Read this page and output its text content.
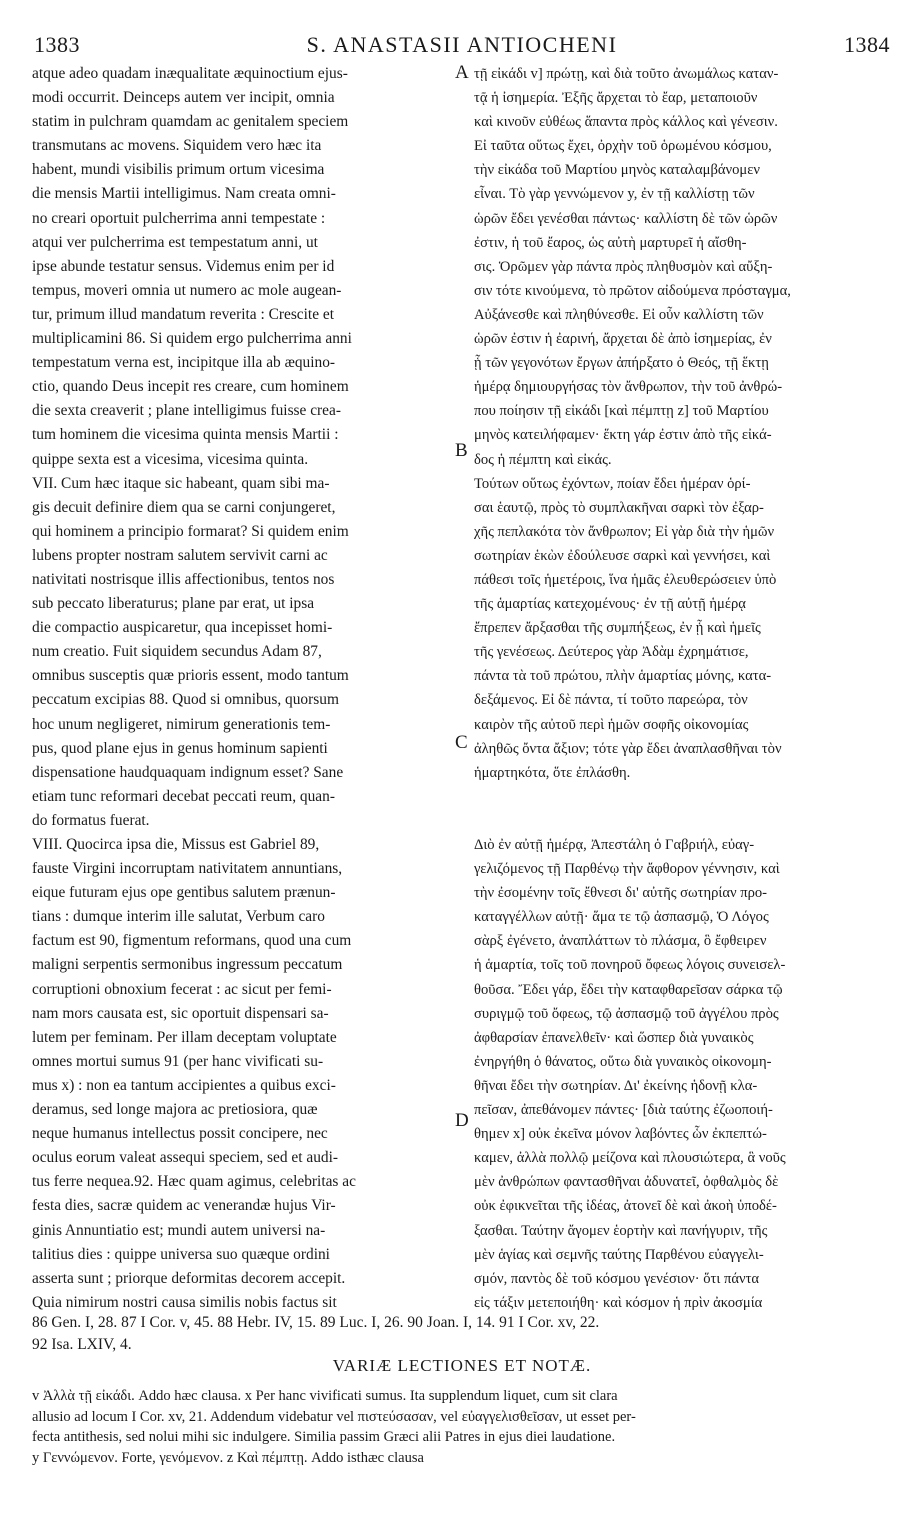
1383	S. ANASTASII ANTIOCHENI	1384
atque adeo quadam inæqualitate æquinoctium ejus-
modi occurrit. Deinceps autem ver incipit, omnia
statim in pulchram quamdam ac genitalem speciem
transmutans ac movens. Siquidem vero hæc ita
habent, mundi visibilis primum ortum vicesima
die mensis Martii intelligimus. Nam creata omni-
no creari oportuit pulcherrima anni tempestate :
atqui ver pulcherrima est tempestatum anni, ut
ipse abunde testatur sensus. Videmus enim per id
tempus, moveri omnia ut numero ac mole augean-
tur, primum illud mandatum reverita : Crescite et
multiplicamini 86. Si quidem ergo pulcherrima anni
tempestatum verna est, incipitque illa ab æquino-
ctio, quando Deus incepit res creare, cum hominem
die sexta creaverit ; plane intelligimus fuisse crea-
tum hominem die vicesima quinta mensis Martii :
quippe sexta est a vicesima, vicesima quinta.
VII. Cum hæc itaque sic habeant, quam sibi ma-
gis decuit definire diem qua se carni conjungeret,
qui hominem a principio formarat? Si quidem enim
lubens propter nostram salutem servivit carni ac
nativitati nostrisque illis affectionibus, tentos nos
sub peccato liberaturus; plane par erat, ut ipsa
die compactio auspicaretur, qua incepisset homi-
num creatio. Fuit siquidem secundus Adam 87,
omnibus susceptis quæ prioris essent, modo tantum
peccatum excipias 88. Quod si omnibus, quorsum
hoc unum negligeret, nimirum generationis tem-
pus, quod plane ejus in genus hominum sapienti
dispensatione haudquaquam indignum esset? Sane
etiam tunc reformari decebat peccati reum, quan-
do formatus fuerat.
VIII. Quocirca ipsa die, Missus est Gabriel 89,
fauste Virgini incorruptam nativitatem annuntians,
eique futuram ejus ope gentibus salutem prænun-
tians : dumque interim ille salutat, Verbum caro
factum est 90, figmentum reformans, quod una cum
maligni serpentis sermonibus ingressum peccatum
corruptioni obnoxium fecerat : ac sicut per femi-
nam mors causata est, sic oportuit dispensari sa-
lutem per feminam. Per illam deceptam voluptate
omnes mortui sumus 91 (per hanc vivificati su-
mus x) : non ea tantum accipientes a quibus exci-
deramus, sed longe majora ac pretiosiora, quæ
neque humanus intellectus possit concipere, nec
oculus eorum valeat assequi speciem, sed et audi-
tus ferre nequea.92. Hæc quam agimus, celebritas ac
festa dies, sacræ quidem ac venerandæ hujus Vir-
ginis Annuntiatio est; mundi autem universi na-
talitius dies : quippe universa suo quæque ordini
asserta sunt ; priorque deformitas decorem accepit.
Quia nimirum nostri causa similis nobis factus sit
τῇ εἰκάδι v] πρώτῃ, καὶ διὰ τοῦτο ἀνωμάλως καταν-
τᾷ ἡ ἰσημερία. Ἐξῆς ἄρχεται τὸ ἔαρ, μεταποιοῦν
καὶ κινοῦν εὐθέως ἅπαντα πρὸς κάλλος καὶ γένεσιν.
Εἰ ταῦτα οὕτως ἔχει, ὀρχὴν τοῦ ὁρωμένου κόσμου,
τὴν εἰκάδα τοῦ Μαρτίου μηνὸς καταλαμβάνομεν
εἶναι. Τὸ γὰρ γεννώμενον y, ἐν τῇ καλλίστῃ τῶν
ὡρῶν ἔδει γενέσθαι πάντως· καλλίστη δὲ τῶν ὡρῶν
ἐστιν, ἡ τοῦ ἔαρος, ὡς αὐτὴ μαρτυρεῖ ἡ αἴσθη-
σις. Ὁρῶμεν γὰρ πάντα πρὸς πληθυσμὸν καὶ αὔξη-
σιν τότε κινούμενα, τὸ πρῶτον αἰδούμενα πρόσταγμα,
Αὐξάνεσθε καὶ πληθύνεσθε. Εἰ οὖν καλλίστη τῶν
ὡρῶν ἐστιν ἡ ἐαρινή, ἄρχεται δὲ ἀπὸ ἰσημερίας, ἐν
ᾗ τῶν γεγονότων ἔργων ἀπήρξατο ὁ Θεός, τῇ ἕκτῃ
ἡμέρᾳ δημιουργήσας τὸν ἄνθρωπον, τὴν τοῦ ἀνθρώ-
που ποίησιν τῇ εἰκάδι [καὶ πέμπτῃ z] τοῦ Μαρτίου
μηνὸς κατειλήφαμεν· ἕκτη γάρ ἐστιν ἀπὸ τῆς εἰκά-
δος ἡ πέμπτη καὶ εἰκάς.
Τούτων οὕτως ἐχόντων, ποίαν ἔδει ἡμέραν ὁρί-
σαι ἑαυτῷ, πρὸς τὸ συμπλακῆναι σαρκὶ τὸν ἐξαρ-
χῆς πεπλακότα τὸν ἄνθρωπον; Εἰ γὰρ διὰ τὴν ἡμῶν
σωτηρίαν ἑκὼν ἐδούλευσε σαρκὶ καὶ γεννήσει, καὶ
πάθεσι τοῖς ἡμετέροις, ἵνα ἡμᾶς ἐλευθερώσειεν ὑπὸ
τῆς ἁμαρτίας κατεχομένους· ἐν τῇ αὐτῇ ἡμέρᾳ
ἔπρεπεν ἄρξασθαι τῆς συμπήξεως, ἐν ᾗ καὶ ἡμεῖς
τῆς γενέσεως. Δεύτερος γὰρ Ἀδὰμ ἐχρημάτισε,
πάντα τὰ τοῦ πρώτου, πλὴν ἁμαρτίας μόνης, κατα-
δεξάμενος. Εἰ δὲ πάντα, τί τοῦτο παρεώρα, τὸν
καιρὸν τῆς αὐτοῦ περὶ ἡμῶν σοφῆς οἰκονομίας
ἀληθῶς ὄντα ἄξιον; τότε γὰρ ἔδει ἀναπλασθῆναι τὸν
ἡμαρτηκότα, ὅτε ἐπλάσθη.
Διὸ ἐν αὐτῇ ἡμέρᾳ, Ἀπεστάλη ὁ Γαβριήλ, εὐαγ-
γελιζόμενος τῇ Παρθένῳ τὴν ἄφθορον γέννησιν, καὶ
τὴν ἐσομένην τοῖς ἔθνεσι δι' αὐτῆς σωτηρίαν προ-
καταγγέλλων αὐτῇ· ἅμα τε τῷ ἀσπασμῷ, Ὁ Λόγος
σὰρξ ἐγένετο, ἀναπλάττων τὸ πλάσμα, ὃ ἔφθειρεν
ἡ ἁμαρτία, τοῖς τοῦ πονηροῦ ὄφεως λόγοις συνεισελ-
θοῦσα. Ἔδει γάρ, ἔδει τὴν καταφθαρεῖσαν σάρκα τῷ
συριγμῷ τοῦ ὄφεως, τῷ ἀσπασμῷ τοῦ ἀγγέλου πρὸς
ἀφθαρσίαν ἐπανελθεῖν· καὶ ὥσπερ διὰ γυναικὸς
ἐνηργήθη ὁ θάνατος, οὕτω διὰ γυναικὸς οἰκονομη-
θῆναι ἔδει τὴν σωτηρίαν. Δι' ἐκείνης ἡδονῇ κλα-
πεῖσαν, ἀπεθάνομεν πάντες· [διὰ ταύτης ἐζωοποιή-
θημεν x] οὐκ ἐκεῖνα μόνον λαβόντες ὧν ἐκπεπτώ-
καμεν, ἀλλὰ πολλῷ μείζονα καὶ πλουσιώτερα, ἃ νοῦς
μὲν ἀνθρώπων φαντασθῆναι ἀδυνατεῖ, ὀφθαλμὸς δὲ
οὐκ ἐφικνεῖται τῆς ἰδέας, ἀτονεῖ δὲ καὶ ἀκοὴ ὑποδέ-
ξασθαι. Ταύτην ἄγομεν ἑορτὴν καὶ πανήγυριν, τῆς
μὲν ἁγίας καὶ σεμνῆς ταύτης Παρθένου εὐαγγελι-
σμόν, παντὸς δὲ τοῦ κόσμου γενέσιον· ὅτι πάντα
εἰς τάξιν μετεποιήθη· καὶ κόσμον ἡ πρὶν ἀκοσμία
A
B
C
D
86 Gen. I, 28. 87 I Cor. v, 45. 88 Hebr. IV, 15. 89 Luc. I, 26. 90 Joan. I, 14. 91 I Cor. xv, 22.
92 Isa. LXIV, 4.
VARIÆ LECTIONES ET NOTÆ.
v Ἀλλὰ τῇ εἰκάδι. Addo hæc clausa. x Per hanc vivificati sumus. Ita supplendum liquet, cum sit clara
allusio ad locum I Cor. xv, 21. Addendum videbatur vel πιστεύσασαν, vel εὐαγγελισθεῖσαν, ut esset per-
fecta antithesis, sed nolui mihi sic indulgere. Similia passim Græci alii Patres in ejus diei laudatione.
y Γεννώμενον. Forte, γενόμενον. z Καὶ πέμπτῃ. Addo isthæc clausa
